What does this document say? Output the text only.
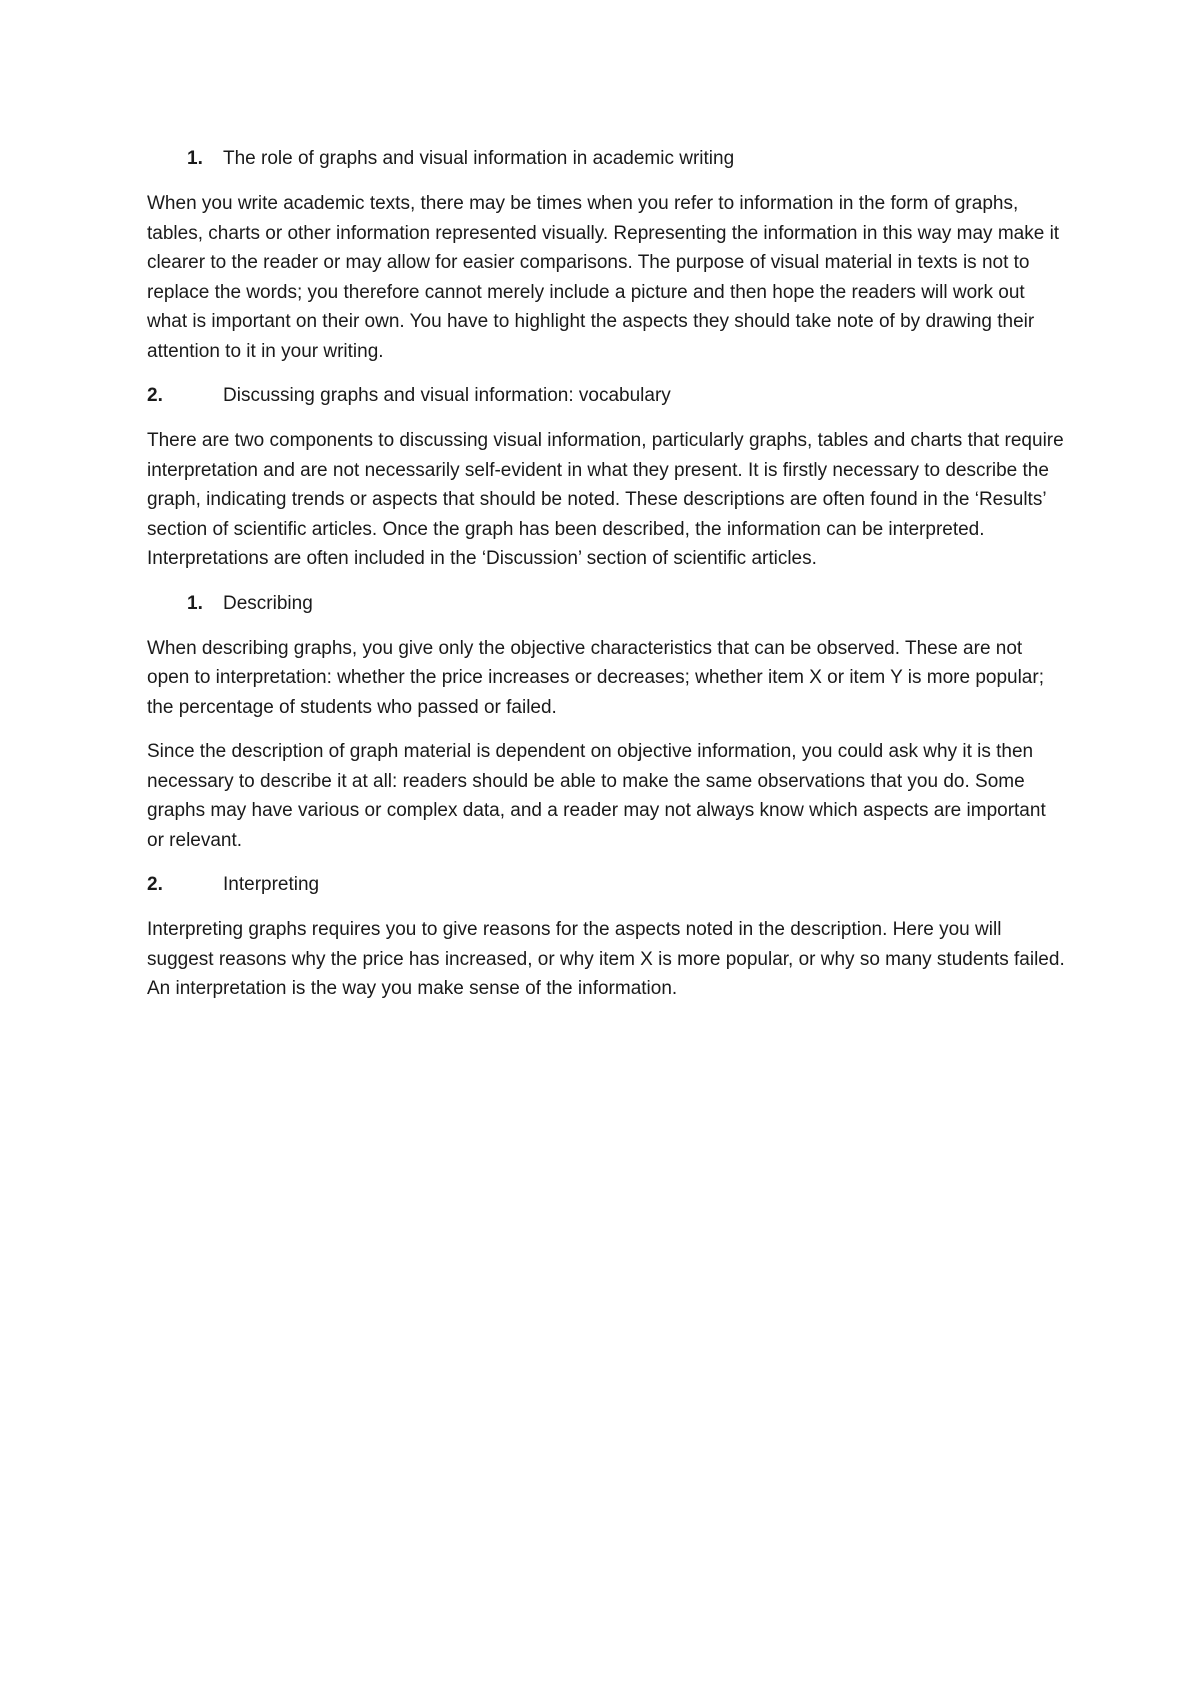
1.	The role of graphs and visual information in academic writing

When you write academic texts, there may be times when you refer to information in the form of graphs, tables, charts or other information represented visually. Representing the information in this way may make it clearer to the reader or may allow for easier comparisons. The purpose of visual material in texts is not to replace the words; you therefore cannot merely include a picture and then hope the readers will work out what is important on their own. You have to highlight the aspects they should take note of by drawing their attention to it in your writing.

2.	Discussing graphs and visual information: vocabulary

There are two components to discussing visual information, particularly graphs, tables and charts that require interpretation and are not necessarily self-evident in what they present. It is firstly necessary to describe the graph, indicating trends or aspects that should be noted. These descriptions are often found in the ‘Results’ section of scientific articles. Once the graph has been described, the information can be interpreted. Interpretations are often included in the ‘Discussion’ section of scientific articles.

1.	Describing

When describing graphs, you give only the objective characteristics that can be observed. These are not open to interpretation: whether the price increases or decreases; whether item X or item Y is more popular; the percentage of students who passed or failed.

Since the description of graph material is dependent on objective information, you could ask why it is then necessary to describe it at all: readers should be able to make the same observations that you do. Some graphs may have various or complex data, and a reader may not always know which aspects are important or relevant.

2.	Interpreting

Interpreting graphs requires you to give reasons for the aspects noted in the description. Here you will suggest reasons why the price has increased, or why item X is more popular, or why so many students failed. An interpretation is the way you make sense of the information.
